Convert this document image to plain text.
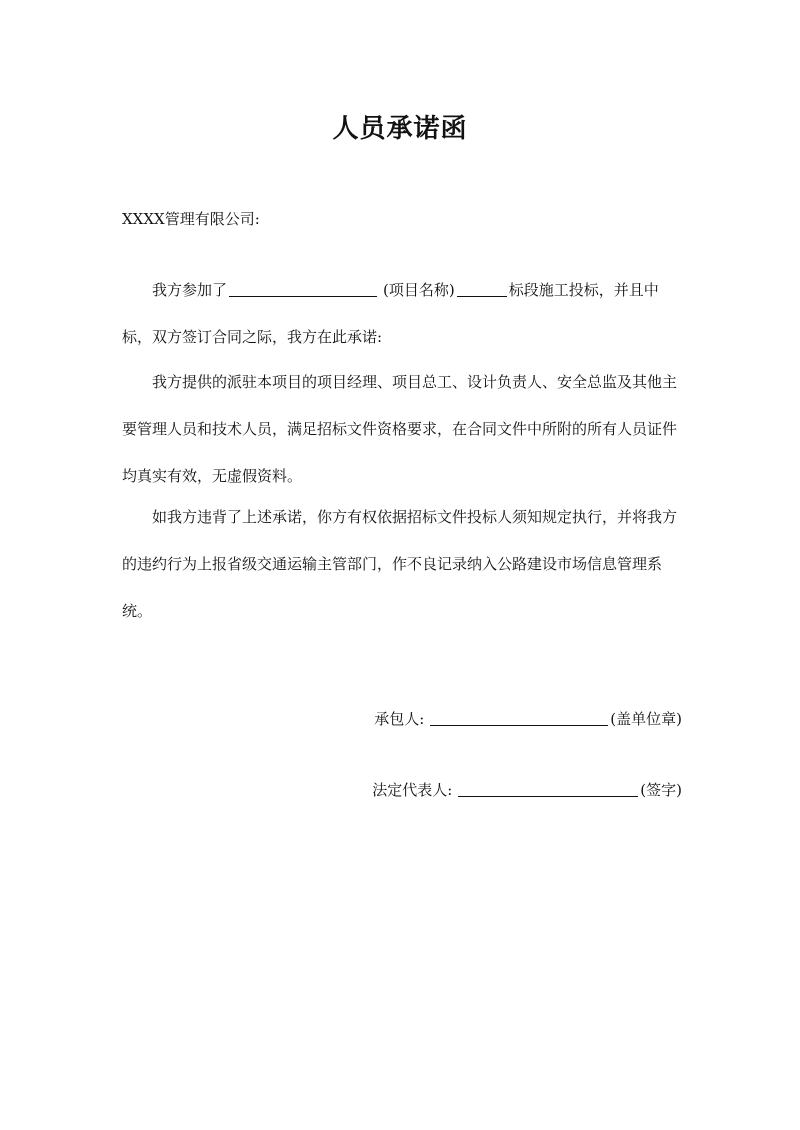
人员承诺函
XXXX管理有限公司:
我方参加了	(项目名称)	标段施工投标，并且中标，双方签订合同之际，我方在此承诺:
我方提供的派驻本项目的项目经理、项目总工、设计负责人、安全总监及其他主要管理人员和技术人员，满足招标文件资格要求，在合同文件中所附的所有人员证件均真实有效，无虚假资料。
如我方违背了上述承诺，你方有权依据招标文件投标人须知规定执行，并将我方的违约行为上报省级交通运输主管部门，作不良记录纳入公路建设市场信息管理系统。
承包人:	(盖单位章)
法定代表人:	(签字)
